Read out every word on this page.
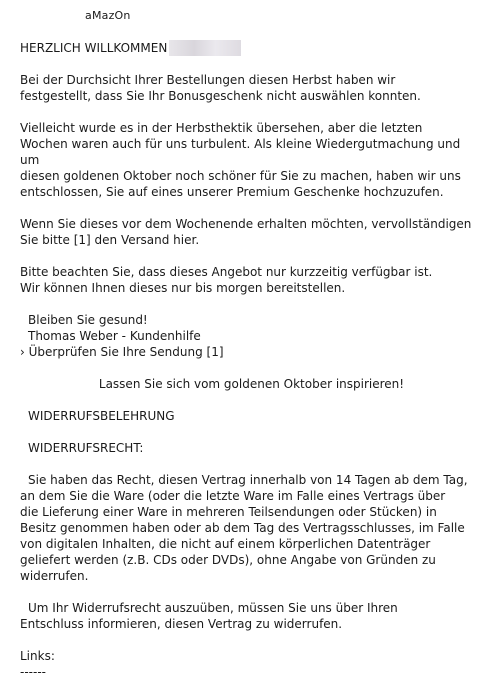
aMazOn
HERZLICH WILLKOMMEN

Bei der Durchsicht Ihrer Bestellungen diesen Herbst haben wir

festgestellt, dass Sie Ihr Bonusgeschenk nicht auswählen konnten.

Vielleicht wurde es in der Herbsthektik übersehen, aber die letzten

Wochen waren auch für uns turbulent. Als kleine Wiedergutmachung und um

diesen goldenen Oktober noch schöner für Sie zu machen, haben wir uns

entschlossen, Sie auf eines unserer Premium Geschenke hochzuzufen.

Wenn Sie dieses vor dem Wochenende erhalten möchten, vervollständigen

Sie bitte [1] den Versand hier.

Bitte beachten Sie, dass dieses Angebot nur kurzzeitig verfügbar ist.

Wir können Ihnen dieses nur bis morgen bereitstellen.

Bleiben Sie gesund!

Thomas Weber - Kundenhilfe

› Überprüfen Sie Ihre Sendung [1]

Lassen Sie sich vom goldenen Oktober inspirieren!

WIDERRUFSBELEHRUNG

WIDERRUFSRECHT:

Sie haben das Recht, diesen Vertrag innerhalb von 14 Tagen ab dem Tag,

an dem Sie die Ware (oder die letzte Ware im Falle eines Vertrags über

die Lieferung einer Ware in mehreren Teilsendungen oder Stücken) in

Besitz genommen haben oder ab dem Tag des Vertragsschlusses, im Falle

von digitalen Inhalten, die nicht auf einem körperlichen Datenträger

geliefert werden (z.B. CDs oder DVDs), ohne Angabe von Gründen zu

widerrufen.

Um Ihr Widerrufsrecht auszuüben, müssen Sie uns über Ihren

Entschluss informieren, diesen Vertrag zu widerrufen.

Links:
------
